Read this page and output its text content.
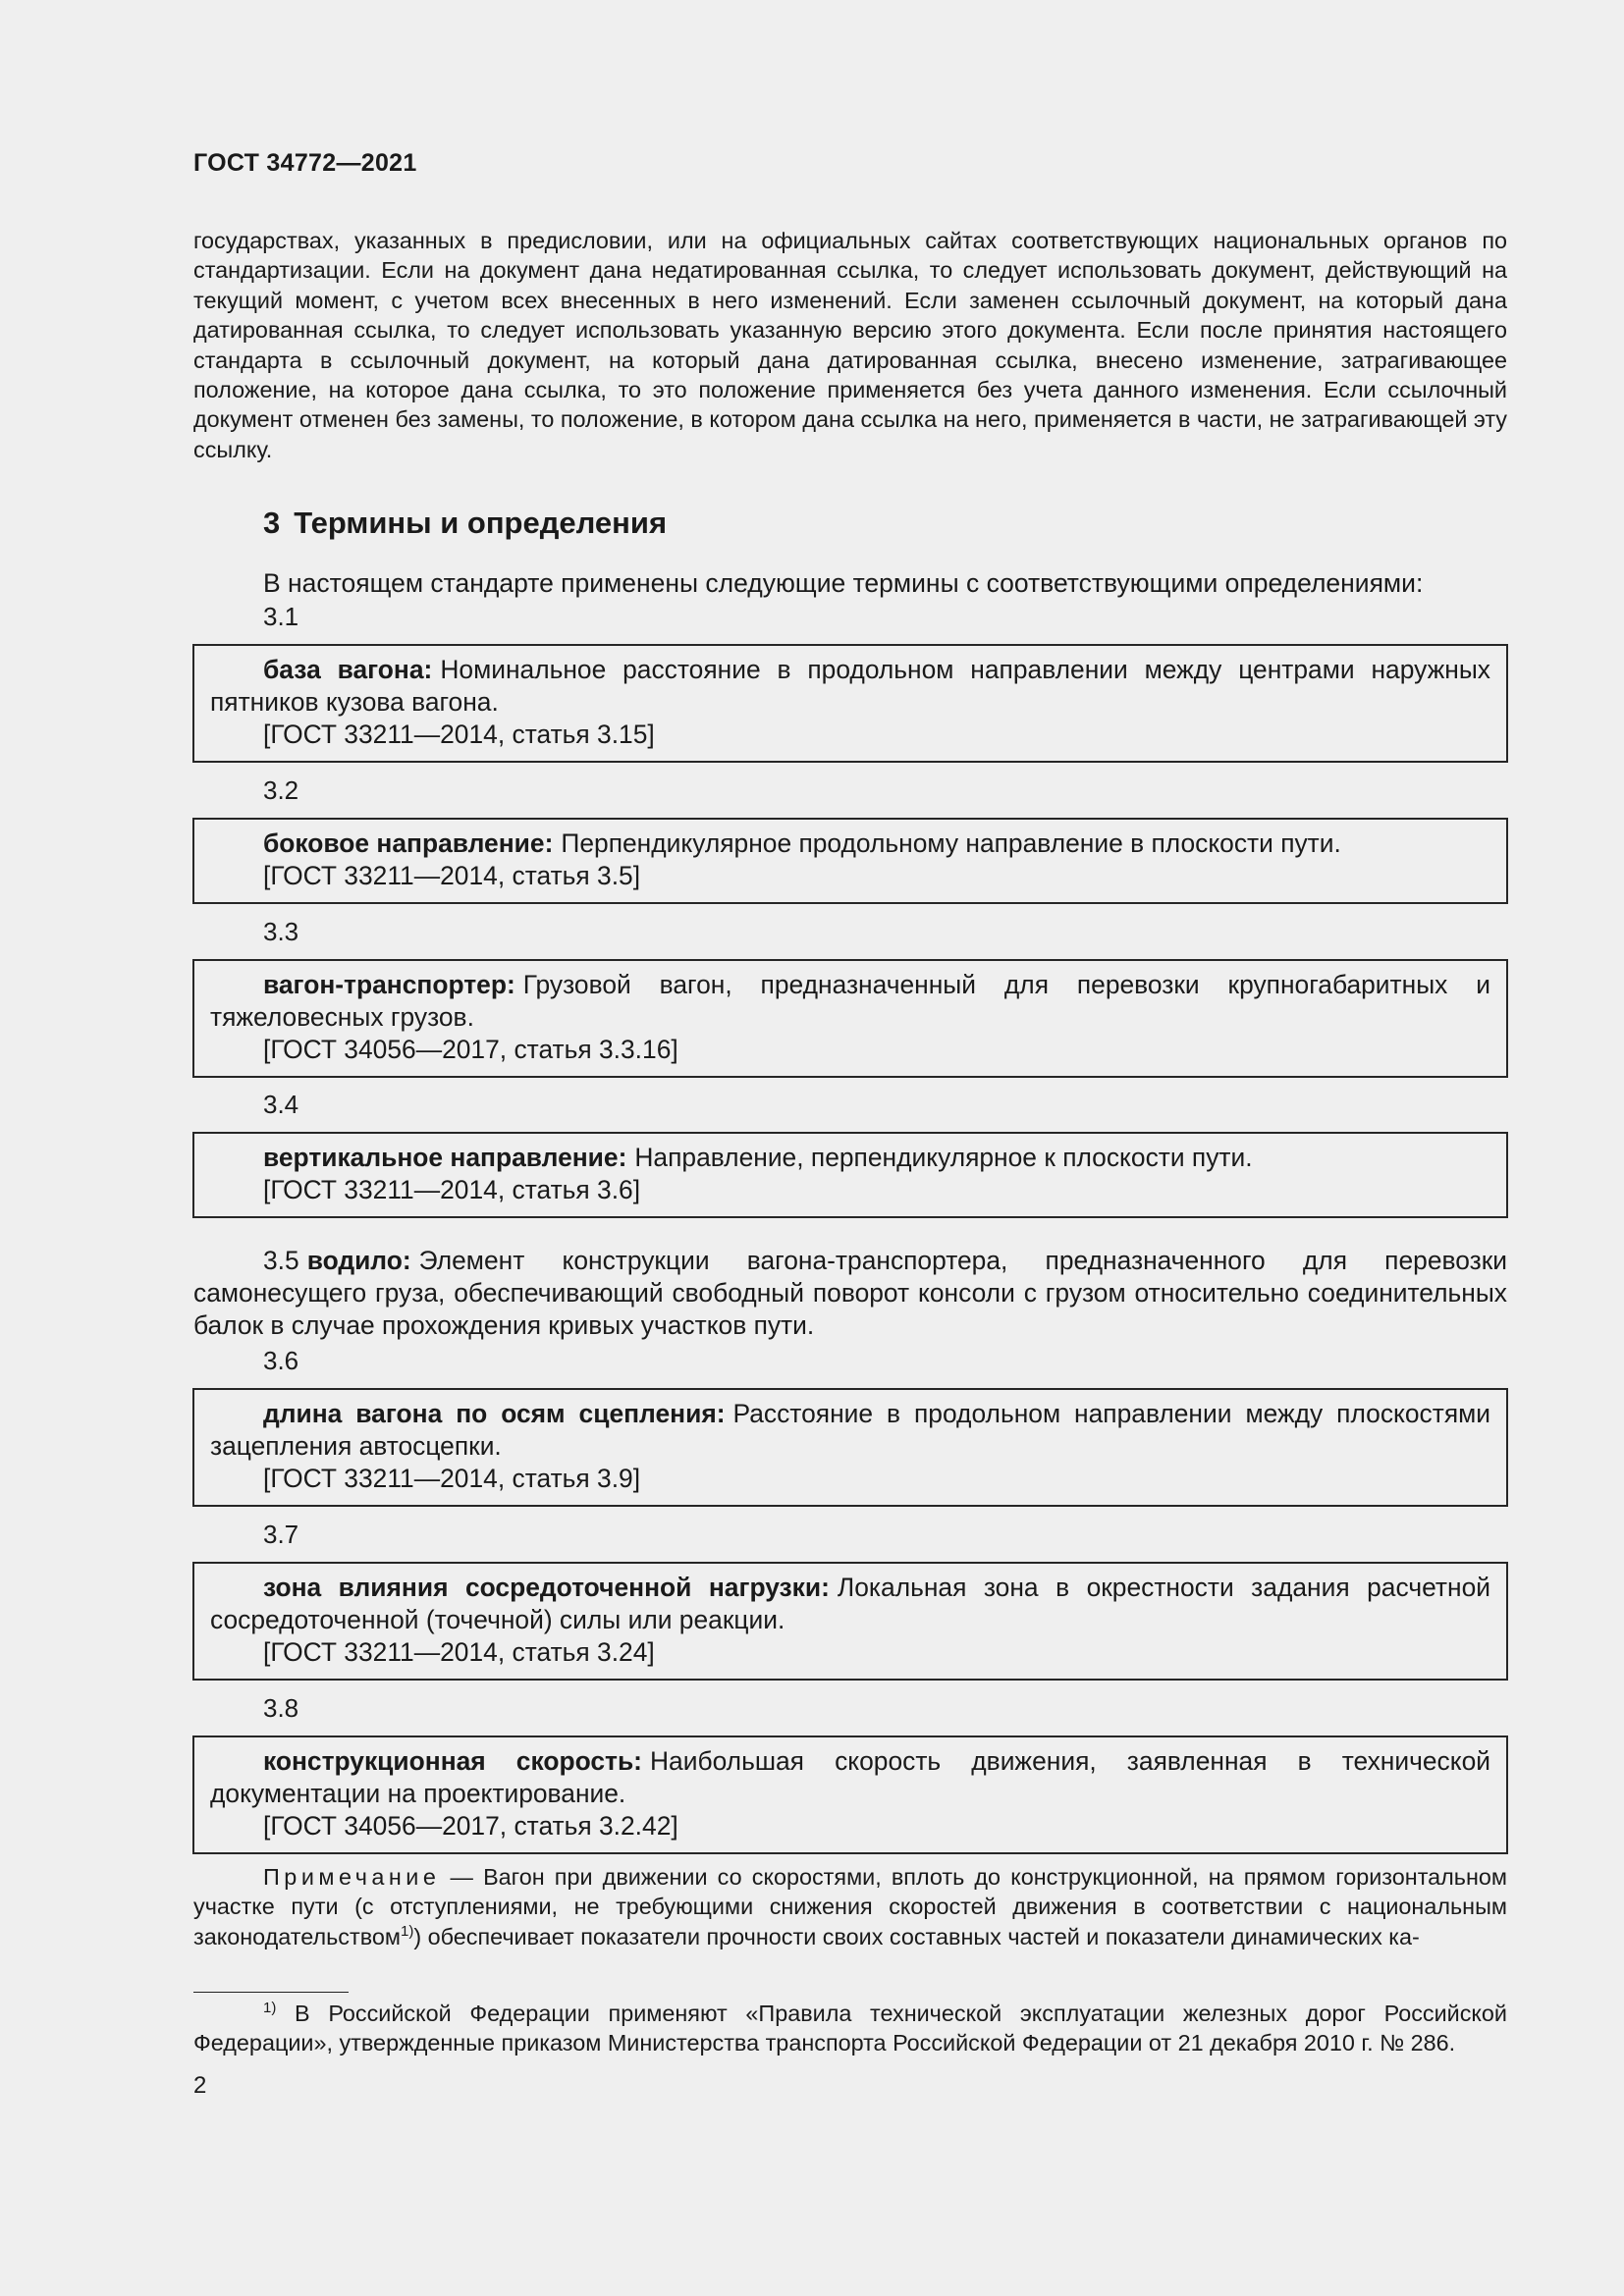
ГОСТ 34772—2021
государствах, указанных в предисловии, или на официальных сайтах соответствующих национальных органов по стандартизации. Если на документ дана недатированная ссылка, то следует использовать документ, действующий на текущий момент, с учетом всех внесенных в него изменений. Если заменен ссылочный документ, на который дана датированная ссылка, то следует использовать указанную версию этого документа. Если после принятия настоящего стандарта в ссылочный документ, на который дана датированная ссылка, внесено изменение, затрагивающее положение, на которое дана ссылка, то это положение применяется без учета данного изменения. Если ссылочный документ отменен без замены, то положение, в котором дана ссылка на него, применяется в части, не затрагивающей эту ссылку.
3 Термины и определения
В настоящем стандарте применены следующие термины с соответствующими определениями:
3.1

база вагона: Номинальное расстояние в продольном направлении между центрами наружных пятников кузова вагона.

[ГОСТ 33211—2014, статья 3.15]

3.2

боковое направление: Перпендикулярное продольному направление в плоскости пути.

[ГОСТ 33211—2014, статья 3.5]

3.3

вагон-транспортер: Грузовой вагон, предназначенный для перевозки крупногабаритных и тяжеловесных грузов.

[ГОСТ 34056—2017, статья 3.3.16]

3.4

вертикальное направление: Направление, перпендикулярное к плоскости пути.

[ГОСТ 33211—2014, статья 3.6]

3.5 водило: Элемент конструкции вагона-транспортера, предназначенного для перевозки самонесущего груза, обеспечивающий свободный поворот консоли с грузом относительно соединительных балок в случае прохождения кривых участков пути.
3.6

длина вагона по осям сцепления: Расстояние в продольном направлении между плоскостями зацепления автосцепки.

[ГОСТ 33211—2014, статья 3.9]

3.7

зона влияния сосредоточенной нагрузки: Локальная зона в окрестности задания расчетной сосредоточенной (точечной) силы или реакции.

[ГОСТ 33211—2014, статья 3.24]

3.8

конструкционная скорость: Наибольшая скорость движения, заявленная в технической документации на проектирование.

[ГОСТ 34056—2017, статья 3.2.42]

Примечание — Вагон при движении со скоростями, вплоть до конструкционной, на прямом горизонтальном участке пути (с отступлениями, не требующими снижения скоростей движения в соответствии с национальным законодательством$^{1)}$) обеспечивает показатели прочности своих составных частей и показатели динамических ка-
$^{1)}$ В Российской Федерации применяют «Правила технической эксплуатации железных дорог Российской Федерации», утвержденные приказом Министерства транспорта Российской Федерации от 21 декабря 2010 г. № 286.
2
